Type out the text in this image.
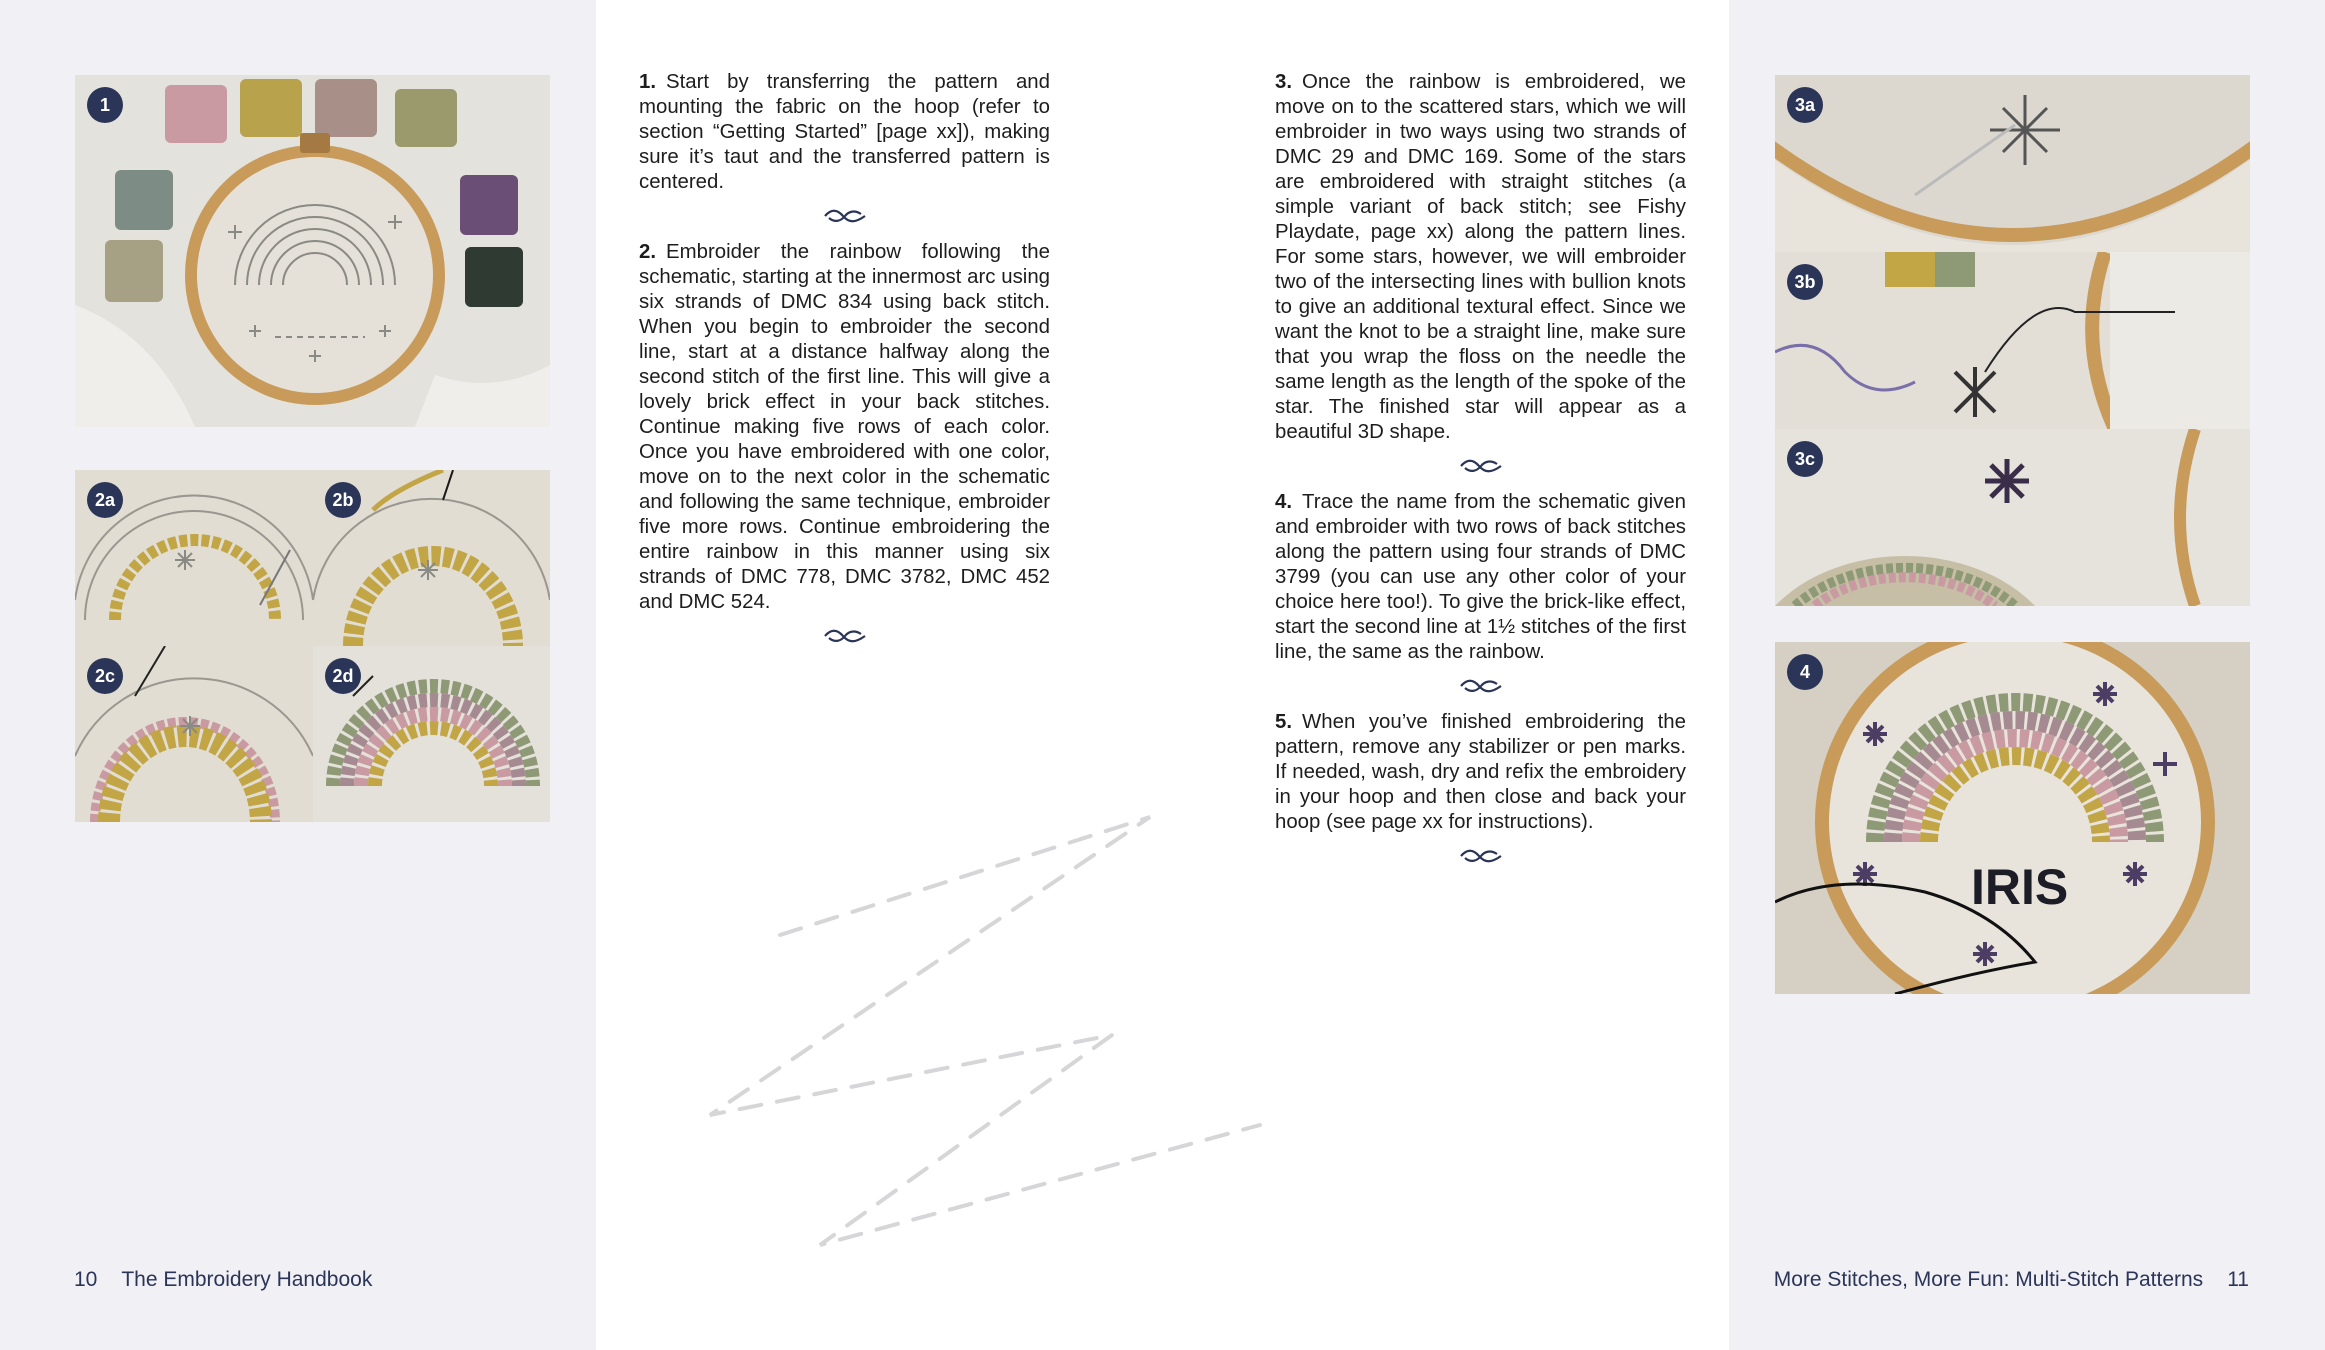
1
2a	2b
2c	2d

1. Start by transferring the pattern and mounting the fabric on the hoop (refer to section “Getting Started” [page xx]), making sure it’s taut and the transferred pattern is centered.

2. Embroider the rainbow following the schematic, starting at the innermost arc using six strands of DMC 834 using back stitch. When you begin to embroider the second line, start at a distance halfway along the second stitch of the first line. This will give a lovely brick effect in your back stitches. Continue making five rows of each color. Once you have embroidered with one color, move on to the next color in the schematic and following the same technique, embroider five more rows. Continue embroidering the entire rainbow in this manner using six strands of DMC 778, DMC 3782, DMC 452 and DMC 524.

3. Once the rainbow is embroidered, we move on to the scattered stars, which we will embroider in two ways using two strands of DMC 29 and DMC 169. Some of the stars are embroidered with straight stitches (a simple variant of back stitch; see Fishy Playdate, page xx) along the pattern lines. For some stars, however, we will embroider two of the intersecting lines with bullion knots to give an additional textural effect. Since we want the knot to be a straight line, make sure that you wrap the floss on the needle the same length as the length of the spoke of the star. The finished star will appear as a beautiful 3D shape.

4. Trace the name from the schematic given and embroider with two rows of back stitches along the pattern using four strands of DMC 3799 (you can use any other color of your choice here too!). To give the brick-like effect, start the second line at 1½ stitches of the first line, the same as the rainbow.

5. When you’ve finished embroidering the pattern, remove any stabilizer or pen marks. If needed, wash, dry and refix the embroidery in your hoop and then close and back your hoop (see page xx for instructions).

3a
3b
3c
IRIS
4
10 The Embroidery Handbook	More Stitches, More Fun: Multi-Stitch Patterns 11
